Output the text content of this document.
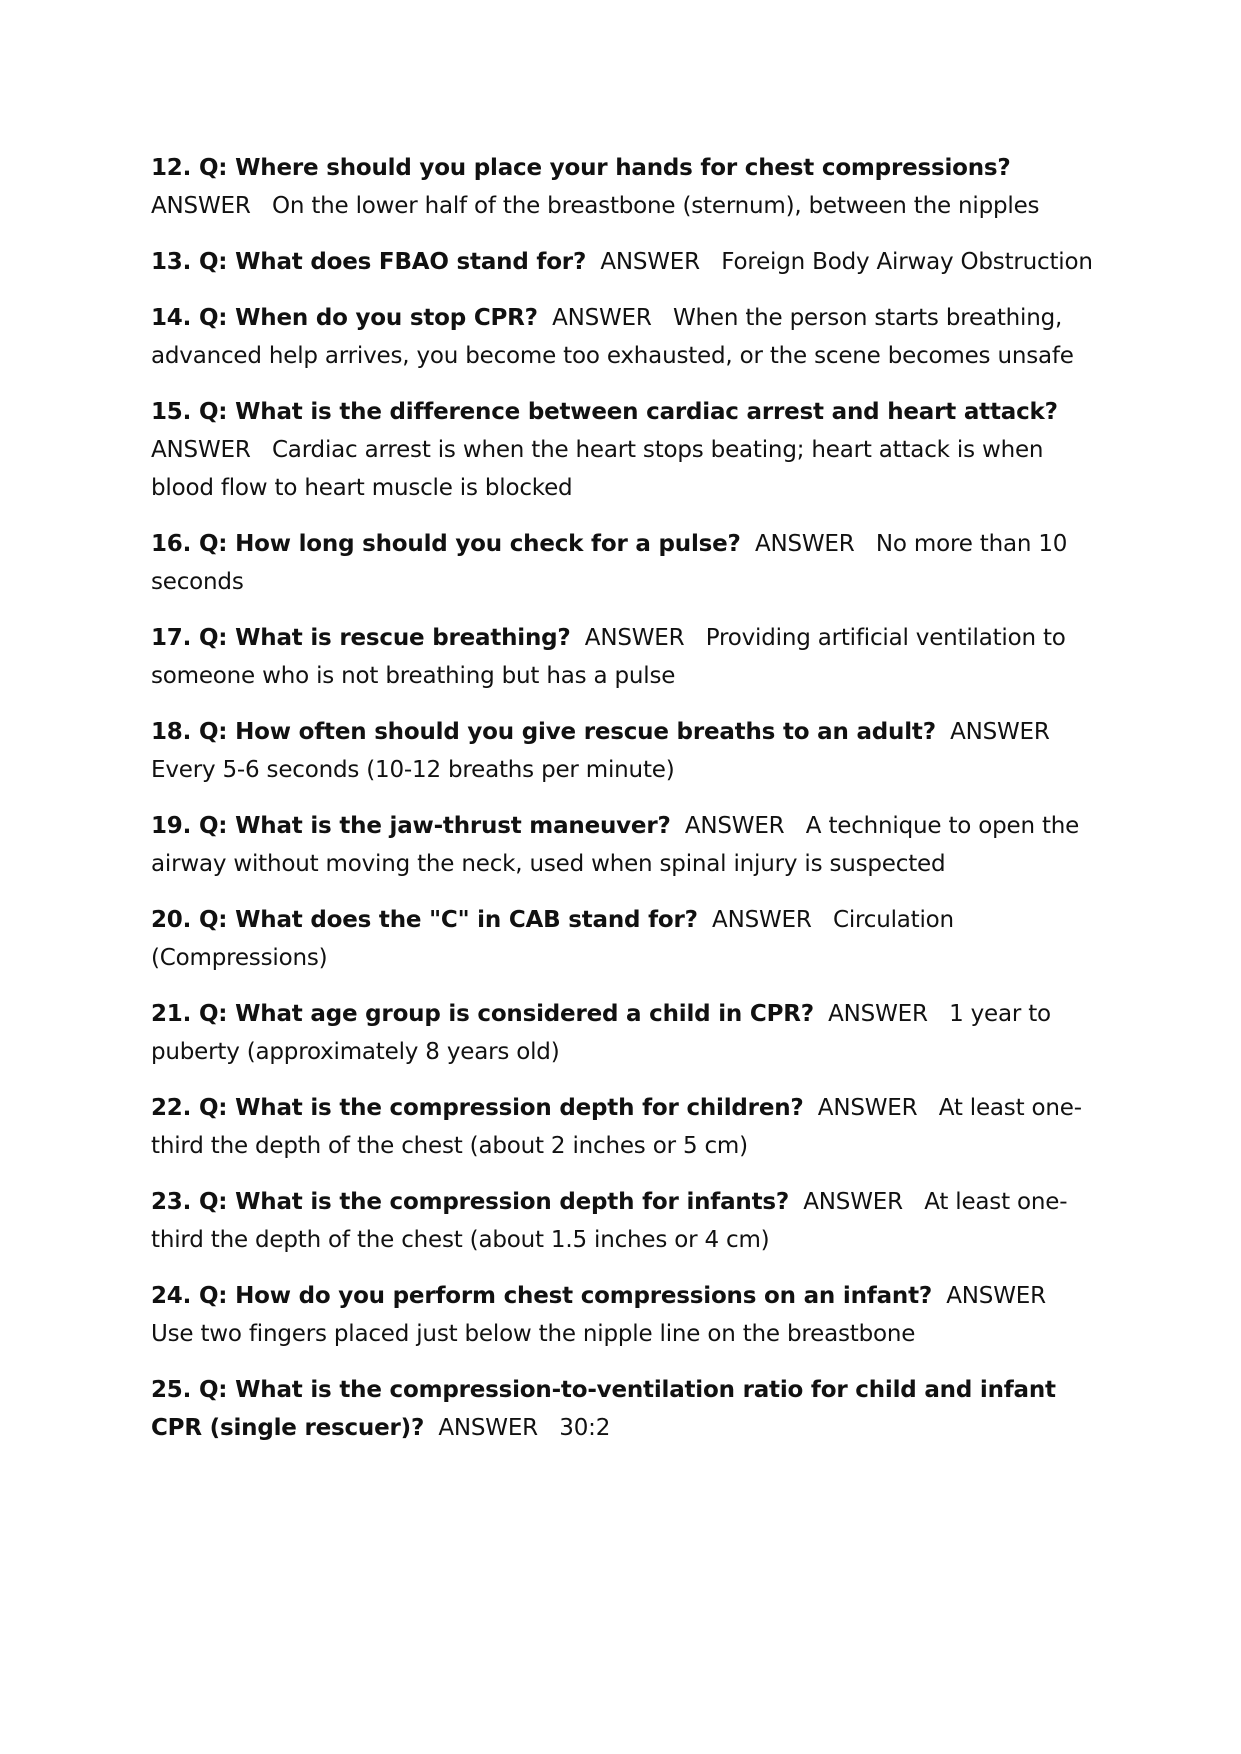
12. Q: Where should you place your hands for chest compressions?  ANSWER On the lower half of the breastbone (sternum), between the nipples

13. Q: What does FBAO stand for? ANSWER Foreign Body Airway Obstruction

14. Q: When do you stop CPR? ANSWER When the person starts breathing, advanced help arrives, you become too exhausted, or the scene becomes unsafe

15. Q: What is the difference between cardiac arrest and heart attack?  ANSWER Cardiac arrest is when the heart stops beating; heart attack is when blood flow to heart muscle is blocked

16. Q: How long should you check for a pulse? ANSWER No more than 10 seconds

17. Q: What is rescue breathing? ANSWER Providing artificial ventilation to someone who is not breathing but has a pulse

18. Q: How often should you give rescue breaths to an adult? ANSWER   Every 5-6 seconds (10-12 breaths per minute)

19. Q: What is the jaw-thrust maneuver? ANSWER A technique to open the airway without moving the neck, used when spinal injury is suspected

20. Q: What does the "C" in CAB stand for? ANSWER Circulation (Compressions)

21. Q: What age group is considered a child in CPR? ANSWER 1 year to puberty (approximately 8 years old)

22. Q: What is the compression depth for children? ANSWER At least one-third the depth of the chest (about 2 inches or 5 cm)

23. Q: What is the compression depth for infants? ANSWER At least one-third the depth of the chest (about 1.5 inches or 4 cm)

24. Q: How do you perform chest compressions on an infant? ANSWER   Use two fingers placed just below the nipple line on the breastbone

25. Q: What is the compression-to-ventilation ratio for child and infant CPR (single rescuer)? ANSWER 30:2
